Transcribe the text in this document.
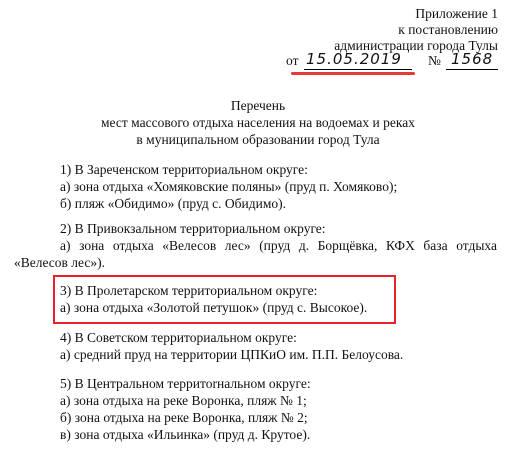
Приложение 1
к постановлению
администрации города Тулы
от 15.05.2019 № 1568
Перечень
мест массового отдыха населения на водоемах и реках
в муниципальном образовании город Тула
1) В Зареченском территориальном округе:
а) зона отдыха «Хомяковские поляны» (пруд п. Хомяково);
б) пляж «Обидимо» (пруд с. Обидимо).
2) В Привокзальном территориальном округе:
а) зона отдыха «Велесов лес» (пруд д. Борщёвка, КФХ база отдыха
«Велесов лес»).
3) В Пролетарском территориальном округе:
а) зона отдыха «Золотой петушок» (пруд с. Высокое).
4) В Советском территориальном округе:
а) средний пруд на территории ЦПКиО им. П.П. Белоусова.
5) В Центральном территоrнальном округе:
а) зона отдыха на реке Воронка, пляж № 1;
б) зона отдыха на реке Воронка, пляж № 2;
в) зона отдыха «Ильинка» (пруд д. Крутое).
